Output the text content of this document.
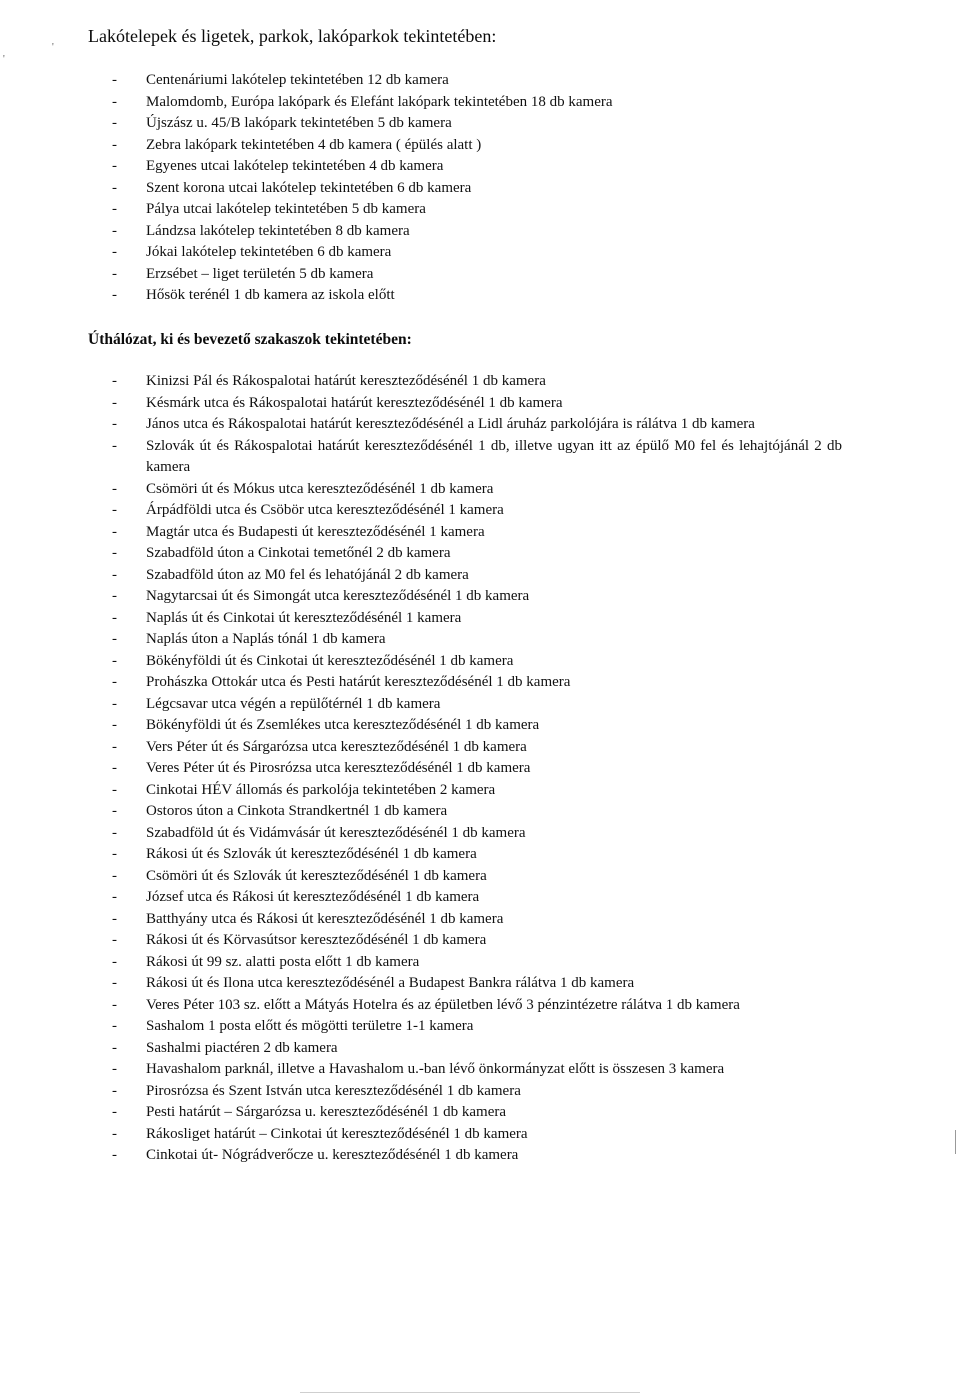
'
'
Lakótelepek és ligetek, parkok, lakóparkok tekintetében:
- Centenáriumi lakótelep tekintetében 12 db kamera
- Malomdomb, Európa lakópark és Elefánt lakópark tekintetében 18 db kamera
- Újszász u. 45/B lakópark tekintetében 5 db kamera
- Zebra lakópark tekintetében 4 db kamera ( épülés alatt )
- Egyenes utcai lakótelep tekintetében 4 db kamera
- Szent korona utcai lakótelep tekintetében 6 db kamera
- Pálya utcai lakótelep tekintetében 5 db kamera
- Lándzsa lakótelep tekintetében 8 db kamera
- Jókai lakótelep tekintetében 6 db kamera
- Erzsébet – liget területén 5 db kamera
- Hősök terénél 1 db kamera az iskola előtt
Úthálózat, ki és bevezető szakaszok tekintetében:
- Kinizsi Pál és Rákospalotai határút kereszteződésénél 1 db kamera
- Késmárk utca és Rákospalotai határút kereszteződésénél 1 db kamera
- János utca és Rákospalotai határút kereszteződésénél a Lidl áruház parkolójára is rálátva 1 db kamera
- Szlovák út és Rákospalotai határút kereszteződésénél 1 db, illetve ugyan itt az épülő M0 fel és lehajtójánál 2 db kamera
- Csömöri út és Mókus utca kereszteződésénél 1 db kamera
- Árpádföldi utca és Csöbör utca kereszteződésénél 1 kamera
- Magtár utca és Budapesti út kereszteződésénél 1 kamera
- Szabadföld úton a Cinkotai temetőnél 2 db kamera
- Szabadföld úton az M0 fel és lehatójánál 2 db kamera
- Nagytarcsai út és Simongát utca kereszteződésénél 1 db kamera
- Naplás út és Cinkotai út kereszteződésénél 1 kamera
- Naplás úton a Naplás tónál 1 db kamera
- Bökényföldi út és Cinkotai út kereszteződésénél 1 db kamera
- Prohászka Ottokár utca és Pesti határút kereszteződésénél 1 db kamera
- Légcsavar utca végén a repülőtérnél 1 db kamera
- Bökényföldi út és Zsemlékes utca kereszteződésénél 1 db kamera
- Vers Péter út és Sárgarózsa utca kereszteződésénél 1 db kamera
- Veres Péter út és Pirosrózsa utca kereszteződésénél 1 db kamera
- Cinkotai HÉV állomás és parkolója tekintetében 2 kamera
- Ostoros úton a Cinkota Strandkertnél 1 db kamera
- Szabadföld út és Vidámvásár út kereszteződésénél 1 db kamera
- Rákosi út és Szlovák út kereszteződésénél 1 db kamera
- Csömöri út és Szlovák út kereszteződésénél 1 db kamera
- József utca és Rákosi út kereszteződésénél 1 db kamera
- Batthyány utca és Rákosi út kereszteződésénél 1 db kamera
- Rákosi út és Körvasútsor kereszteződésénél 1 db kamera
- Rákosi út 99 sz. alatti posta előtt 1 db kamera
- Rákosi út és Ilona utca kereszteződésénél a Budapest Bankra rálátva 1 db kamera
- Veres Péter 103 sz. előtt a Mátyás Hotelra és az épületben lévő 3 pénzintézetre rálátva 1 db kamera
- Sashalom 1 posta előtt és mögötti területre 1-1 kamera
- Sashalmi piactéren 2 db kamera
- Havashalom parknál, illetve a Havashalom u.-ban lévő önkormányzat előtt is összesen 3 kamera
- Pirosrózsa és Szent István utca kereszteződésénél 1 db kamera
- Pesti határút – Sárgarózsa u. kereszteződésénél 1 db kamera
- Rákosliget határút – Cinkotai út kereszteződésénél 1 db kamera
- Cinkotai út- Nógrádverőcze u. kereszteződésénél 1 db kamera
